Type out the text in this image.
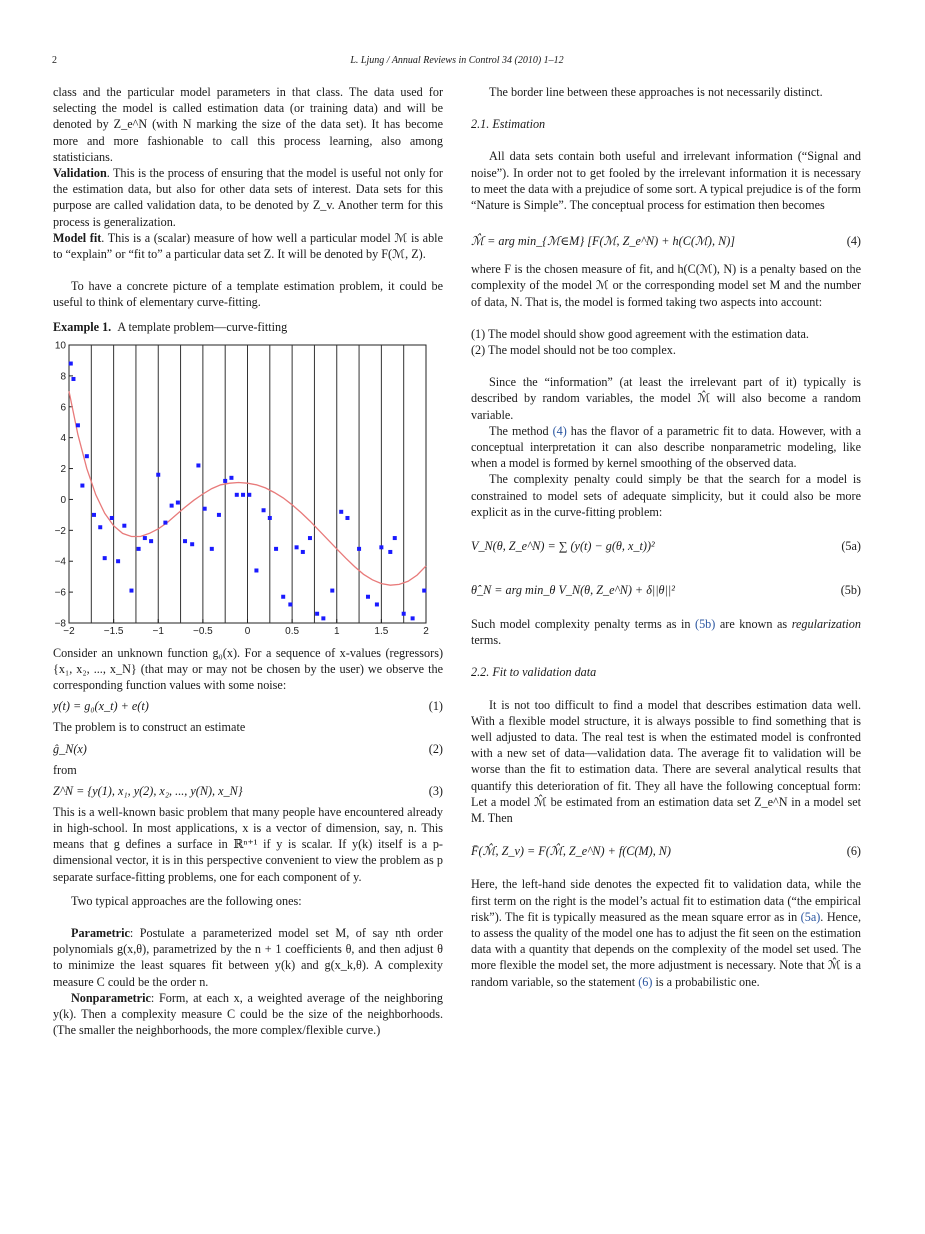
2	L. Ljung / Annual Reviews in Control 34 (2010) 1–12

class and the particular model parameters in that class. The data used for selecting the model is called estimation data (or training data) and will be denoted by Z_e^N (with N marking the size of the data set). It has become more and more fashionable to call this process learning, also among statisticians.

Validation. This is the process of ensuring that the model is useful not only for the estimation data, but also for other data sets of interest. Data sets for this purpose are called validation data, to be denoted by Z_v. Another term for this process is generalization.

Model fit. This is a (scalar) measure of how well a particular model ℳ is able to “explain” or “fit to” a particular data set Z. It will be denoted by F(ℳ, Z).

To have a concrete picture of a template estimation problem, it could be useful to think of elementary curve-fitting.

Example 1. A template problem—curve-fitting

−2	−1.5	−1	−0.5	0	0.5	1	1.5	2
10
8
6
4
2
0
−2
−4
−6
−8

Consider an unknown function g₀(x). For a sequence of x-values (regressors) {x₁, x₂, ..., x_N} (that may or may not be chosen by the user) we observe the corresponding function values with some noise:

y(t) = g₀(x_t) + e(t)	(1)

The problem is to construct an estimate

ĝ_N(x)	(2)

from

Z^N = {y(1), x₁, y(2), x₂, ..., y(N), x_N}	(3)

This is a well-known basic problem that many people have encountered already in high-school. In most applications, x is a vector of dimension, say, n. This means that g defines a surface in ℝⁿ⁺¹ if y is scalar. If y(k) itself is a p-dimensional vector, it is in this perspective convenient to view the problem as p separate surface-fitting problems, one for each component of y.

Two typical approaches are the following ones:

Parametric: Postulate a parameterized model set M, of say nth order polynomials g(x,θ), parametrized by the n + 1 coefficients θ, and then adjust θ to minimize the least squares fit between y(k) and g(x_k,θ). A complexity measure C could be the order n.

Nonparametric: Form, at each x, a weighted average of the neighboring y(k). Then a complexity measure C could be the size of the neighborhoods. (The smaller the neighborhoods, the more complex/flexible curve.)

The border line between these approaches is not necessarily distinct.

2.1. Estimation

All data sets contain both useful and irrelevant information (“Signal and noise”). In order not to get fooled by the irrelevant information it is necessary to meet the data with a prejudice of some sort. A typical prejudice is of the form “Nature is Simple”. The conceptual process for estimation then becomes

ℳ̂ = arg min_{ℳ∈M} [F(ℳ, Z_e^N) + h(C(ℳ), N)]	(4)

where F is the chosen measure of fit, and h(C(ℳ), N) is a penalty based on the complexity of the model ℳ or the corresponding model set M and the number of data, N. That is, the model is formed taking two aspects into account:

(1) The model should show good agreement with the estimation data.

(2) The model should not be too complex.

Since the “information” (at least the irrelevant part of it) typically is described by random variables, the model ℳ̂ will also become a random variable.

The method (4) has the flavor of a parametric fit to data. However, with a conceptual interpretation it can also describe nonparametric modeling, like when a model is formed by kernel smoothing of the observed data.

The complexity penalty could simply be that the search for a model is constrained to model sets of adequate simplicity, but it could also be more explicit as in the curve-fitting problem:

V_N(θ, Z_e^N) = ∑ (y(t) − g(θ, x_t))²	(5a)
θ̂_N = arg min_θ V_N(θ, Z_e^N) + δ||θ||²	(5b)

Such model complexity penalty terms as in (5b) are known as regularization terms.

2.2. Fit to validation data

It is not too difficult to find a model that describes estimation data well. With a flexible model structure, it is always possible to find something that is well adjusted to data. The real test is when the estimated model is confronted with a new set of data—validation data. The average fit to validation will be worse than the fit to estimation data. There are several analytical results that quantify this deterioration of fit. They all have the following conceptual form: Let a model ℳ̂ be estimated from an estimation data set Z_e^N in a model set M. Then

F̄(ℳ̂, Z_v) = F(ℳ̂, Z_e^N) + f(C(M), N)	(6)

Here, the left-hand side denotes the expected fit to validation data, while the first term on the right is the model’s actual fit to estimation data (“the empirical risk”). The fit is typically measured as the mean square error as in (5a). Hence, to assess the quality of the model one has to adjust the fit seen on the estimation data with a quantity that depends on the complexity of the model set used. The more flexible the model set, the more adjustment is necessary. Note that ℳ̂ is a random variable, so the statement (6) is a probabilistic one.
